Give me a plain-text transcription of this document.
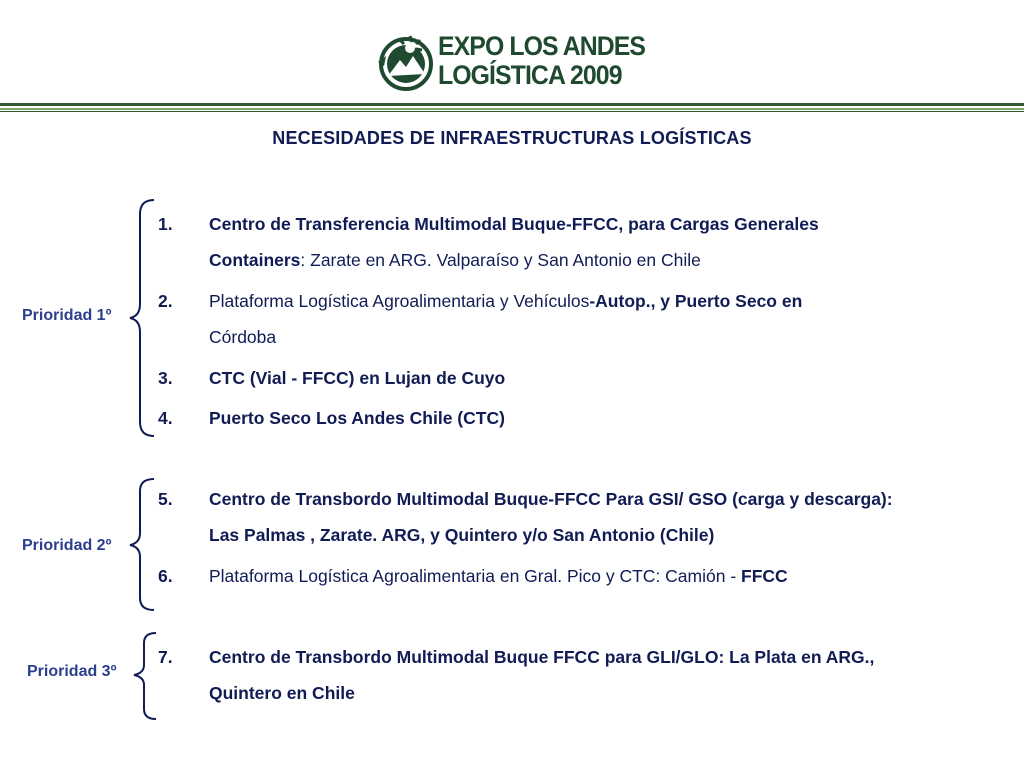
EXPO LOS ANDES
LOGÍSTICA 2009
NECESIDADES DE INFRAESTRUCTURAS LOGÍSTICAS
Prioridad 1º
Prioridad 2º
Prioridad 3º
1. Centro de Transferencia Multimodal Buque-FFCC, para Cargas Generales
Containers: Zarate en ARG. Valparaíso y San Antonio en Chile
2. Plataforma Logística Agroalimentaria y Vehículos-Autop., y Puerto Seco en
Córdoba
3. CTC (Vial - FFCC) en Lujan de Cuyo
4. Puerto Seco Los Andes Chile (CTC)
5. Centro de Transbordo Multimodal Buque-FFCC Para GSI/ GSO (carga y descarga):
Las Palmas , Zarate. ARG, y Quintero y/o San Antonio (Chile)
6. Plataforma Logística Agroalimentaria en Gral. Pico y CTC: Camión - FFCC
7. Centro de Transbordo Multimodal Buque FFCC para GLI/GLO: La Plata en ARG.,
Quintero en Chile
